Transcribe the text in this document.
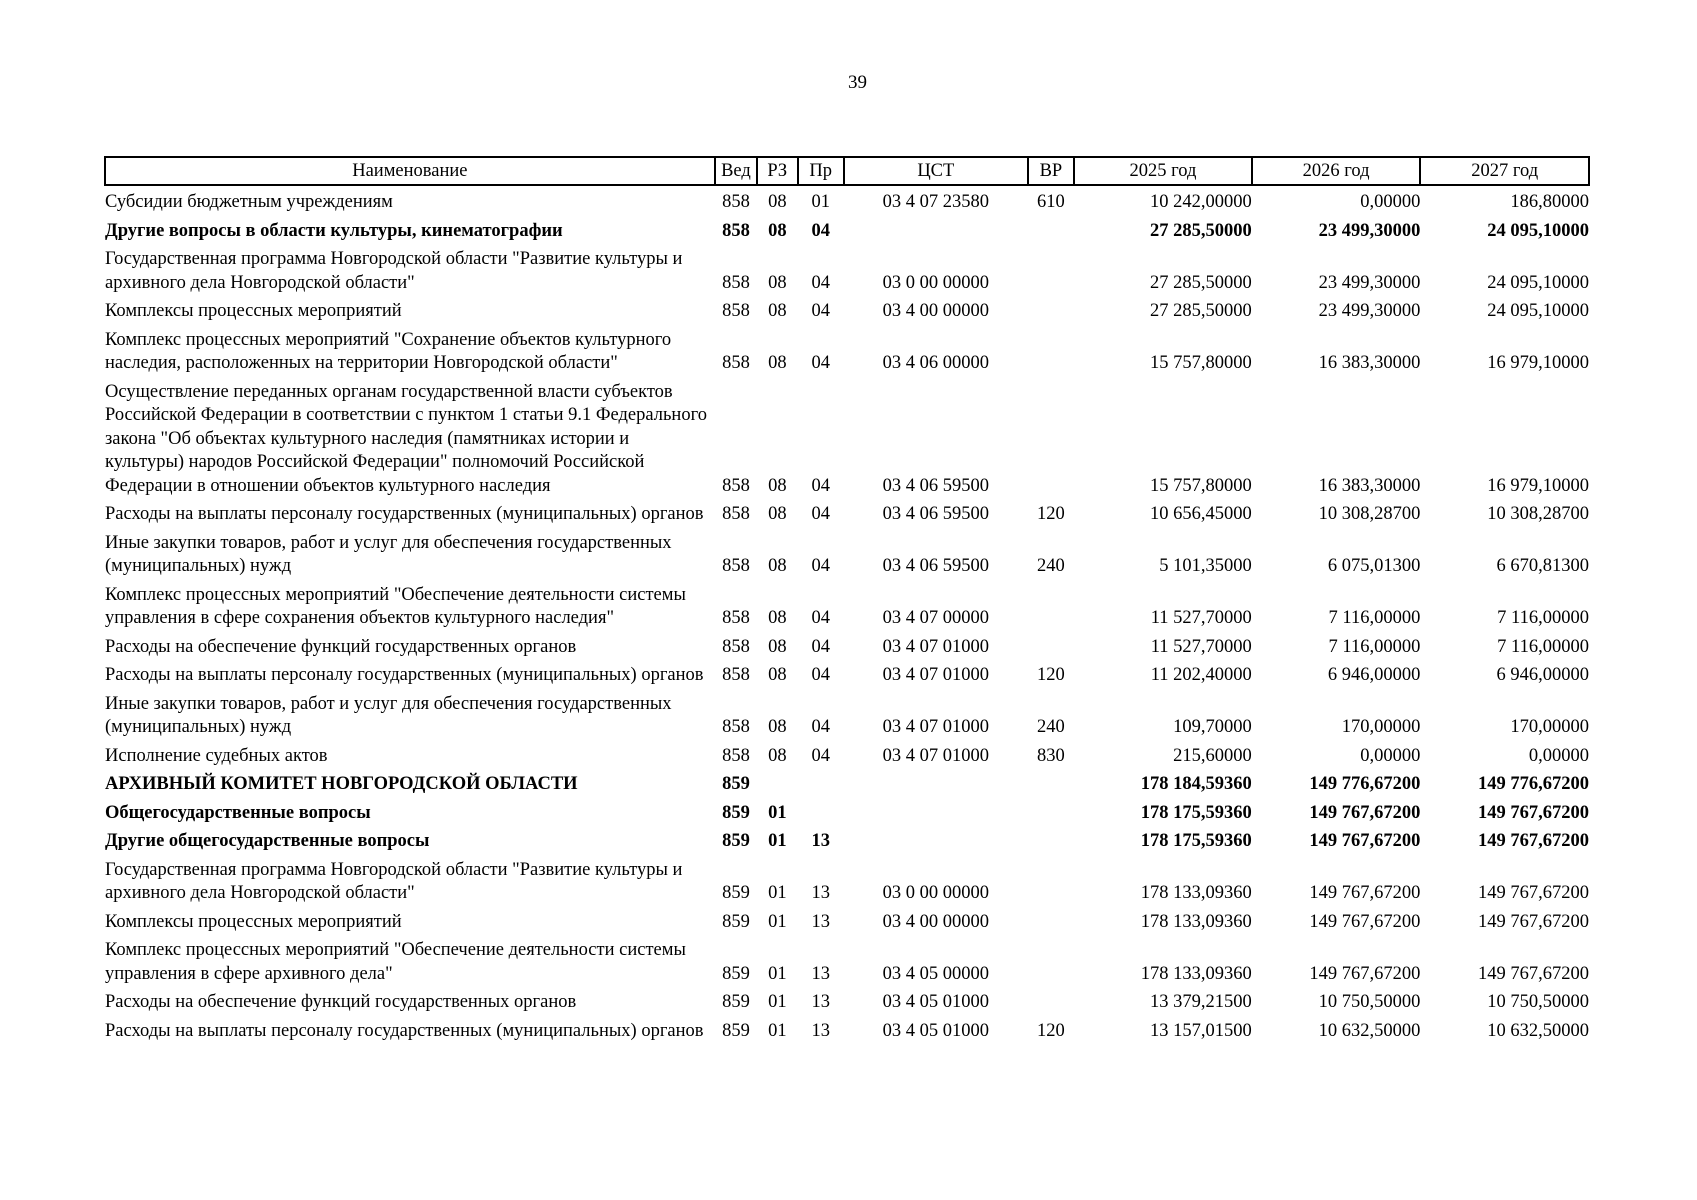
39
Наименование	Вед	РЗ	Пр	ЦСТ	ВР	2025 год	2026 год	2027 год
Субсидии бюджетным учреждениям	858	08	01	03 4 07 23580	610	10 242,00000	0,00000	186,80000
Другие вопросы в области культуры, кинематографии	858	08	04			27 285,50000	23 499,30000	24 095,10000
Государственная программа Новгородской области "Развитие культуры и архивного дела Новгородской области"	858	08	04	03 0 00 00000		27 285,50000	23 499,30000	24 095,10000
Комплексы процессных мероприятий	858	08	04	03 4 00 00000		27 285,50000	23 499,30000	24 095,10000
Комплекс процессных мероприятий "Сохранение объектов культурного наследия, расположенных на территории Новгородской области"	858	08	04	03 4 06 00000		15 757,80000	16 383,30000	16 979,10000
Осуществление переданных органам государственной власти субъектов Российской Федерации в соответствии с пунктом 1 статьи 9.1 Федерального закона "Об объектах культурного наследия (памятниках истории и культуры) народов Российской Федерации" полномочий Российской Федерации в отношении объектов культурного наследия	858	08	04	03 4 06 59500		15 757,80000	16 383,30000	16 979,10000
Расходы на выплаты персоналу государственных (муниципальных) органов	858	08	04	03 4 06 59500	120	10 656,45000	10 308,28700	10 308,28700
Иные закупки товаров, работ и услуг для обеспечения государственных (муниципальных) нужд	858	08	04	03 4 06 59500	240	5 101,35000	6 075,01300	6 670,81300
Комплекс процессных мероприятий "Обеспечение деятельности системы управления в сфере сохранения объектов культурного наследия"	858	08	04	03 4 07 00000		11 527,70000	7 116,00000	7 116,00000
Расходы на обеспечение функций государственных органов	858	08	04	03 4 07 01000		11 527,70000	7 116,00000	7 116,00000
Расходы на выплаты персоналу государственных (муниципальных) органов	858	08	04	03 4 07 01000	120	11 202,40000	6 946,00000	6 946,00000
Иные закупки товаров, работ и услуг для обеспечения государственных (муниципальных) нужд	858	08	04	03 4 07 01000	240	109,70000	170,00000	170,00000
Исполнение судебных актов	858	08	04	03 4 07 01000	830	215,60000	0,00000	0,00000
АРХИВНЫЙ КОМИТЕТ НОВГОРОДСКОЙ ОБЛАСТИ	859					178 184,59360	149 776,67200	149 776,67200
Общегосударственные вопросы	859	01				178 175,59360	149 767,67200	149 767,67200
Другие общегосударственные вопросы	859	01	13			178 175,59360	149 767,67200	149 767,67200
Государственная программа Новгородской области "Развитие культуры и архивного дела Новгородской области"	859	01	13	03 0 00 00000		178 133,09360	149 767,67200	149 767,67200
Комплексы процессных мероприятий	859	01	13	03 4 00 00000		178 133,09360	149 767,67200	149 767,67200
Комплекс процессных мероприятий "Обеспечение деятельности системы управления в сфере архивного дела"	859	01	13	03 4 05 00000		178 133,09360	149 767,67200	149 767,67200
Расходы на обеспечение функций государственных органов	859	01	13	03 4 05 01000		13 379,21500	10 750,50000	10 750,50000
Расходы на выплаты персоналу государственных (муниципальных) органов	859	01	13	03 4 05 01000	120	13 157,01500	10 632,50000	10 632,50000
